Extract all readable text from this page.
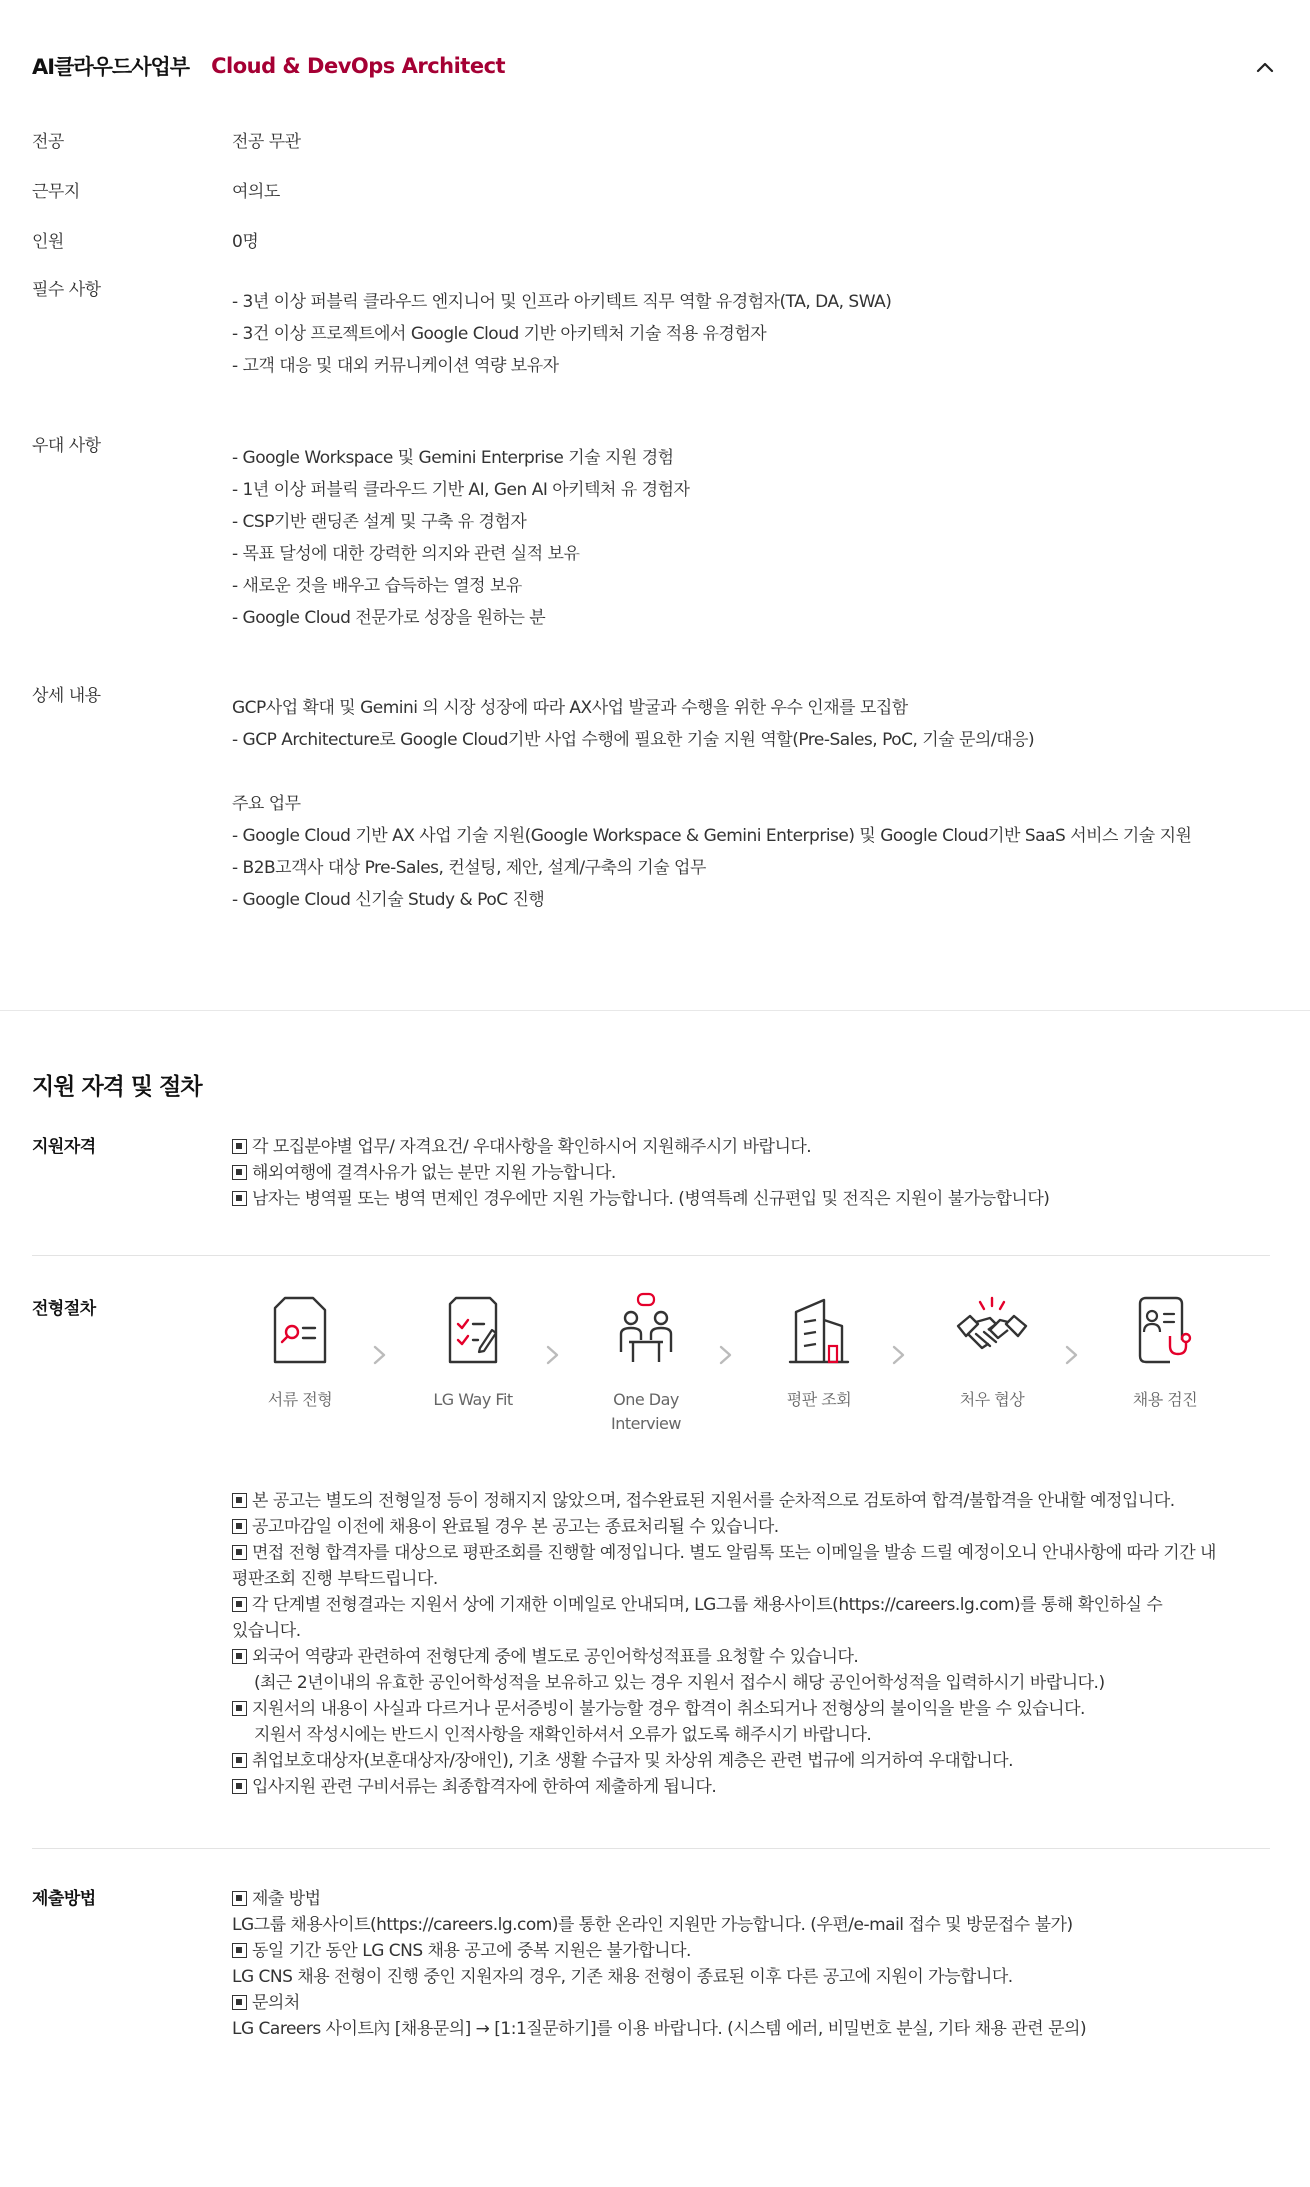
AI클라우드사업부 Cloud & DevOps Architect
전공	전공 무관
근무지	여의도
인원	0명
필수 사항
- 3년 이상 퍼블릭 클라우드 엔지니어 및 인프라 아키텍트 직무 역할 유경험자(TA, DA, SWA)
- 3건 이상 프로젝트에서 Google Cloud 기반 아키텍처 기술 적용 유경험자
- 고객 대응 및 대외 커뮤니케이션 역량 보유자
우대 사항
- Google Workspace 및 Gemini Enterprise 기술 지원 경험
- 1년 이상 퍼블릭 클라우드 기반 AI, Gen AI 아키텍처 유 경험자
- CSP기반 랜딩존 설계 및 구축 유 경험자
- 목표 달성에 대한 강력한 의지와 관련 실적 보유
- 새로운 것을 배우고 습득하는 열정 보유
- Google Cloud 전문가로 성장을 원하는 분
상세 내용
GCP사업 확대 및 Gemini 의 시장 성장에 따라 AX사업 발굴과 수행을 위한 우수 인재를 모집함
- GCP Architecture로 Google Cloud기반 사업 수행에 필요한 기술 지원 역할(Pre-Sales, PoC, 기술 문의/대응)

주요 업무
- Google Cloud 기반 AX 사업 기술 지원(Google Workspace & Gemini Enterprise) 및 Google Cloud기반 SaaS 서비스 기술 지원
- B2B고객사 대상 Pre-Sales, 컨설팅, 제안, 설계/구축의 기술 업무
- Google Cloud 신기술 Study & PoC 진행
지원 자격 및 절차
지원자격	각 모집분야별 업무/ 자격요건/ 우대사항을 확인하시어 지원해주시기 바랍니다.
해외여행에 결격사유가 없는 분만 지원 가능합니다.
남자는 병역필 또는 병역 면제인 경우에만 지원 가능합니다. (병역특례 신규편입 및 전직은 지원이 불가능합니다)
전형절차
서류 전형	LG Way Fit	One Day Interview
평판 조회	처우 협상	채용 검진
본 공고는 별도의 전형일정 등이 정해지지 않았으며, 접수완료된 지원서를 순차적으로 검토하여 합격/불합격을 안내할 예정입니다.
공고마감일 이전에 채용이 완료될 경우 본 공고는 종료처리될 수 있습니다.
면접 전형 합격자를 대상으로 평판조회를 진행할 예정입니다. 별도 알림톡 또는 이메일을 발송 드릴 예정이오니 안내사항에 따라 기간 내
평판조회 진행 부탁드립니다.
각 단계별 전형결과는 지원서 상에 기재한 이메일로 안내되며, LG그룹 채용사이트(https://careers.lg.com)를 통해 확인하실 수
있습니다.
외국어 역량과 관련하여 전형단계 중에 별도로 공인어학성적표를 요청할 수 있습니다.
(최근 2년이내의 유효한 공인어학성적을 보유하고 있는 경우 지원서 접수시 해당 공인어학성적을 입력하시기 바랍니다.)
지원서의 내용이 사실과 다르거나 문서증빙이 불가능할 경우 합격이 취소되거나 전형상의 불이익을 받을 수 있습니다.
지원서 작성시에는 반드시 인적사항을 재확인하셔서 오류가 없도록 해주시기 바랍니다.
취업보호대상자(보훈대상자/장애인), 기초 생활 수급자 및 차상위 계층은 관련 법규에 의거하여 우대합니다.
입사지원 관련 구비서류는 최종합격자에 한하여 제출하게 됩니다.
제출방법	제출 방법
LG그룹 채용사이트(https://careers.lg.com)를 통한 온라인 지원만 가능합니다. (우편/e-mail 접수 및 방문접수 불가)
동일 기간 동안 LG CNS 채용 공고에 중복 지원은 불가합니다.
LG CNS 채용 전형이 진행 중인 지원자의 경우, 기존 채용 전형이 종료된 이후 다른 공고에 지원이 가능합니다.
문의처
LG Careers 사이트內 [채용문의] → [1:1질문하기]를 이용 바랍니다. (시스템 에러, 비밀번호 분실, 기타 채용 관련 문의)
